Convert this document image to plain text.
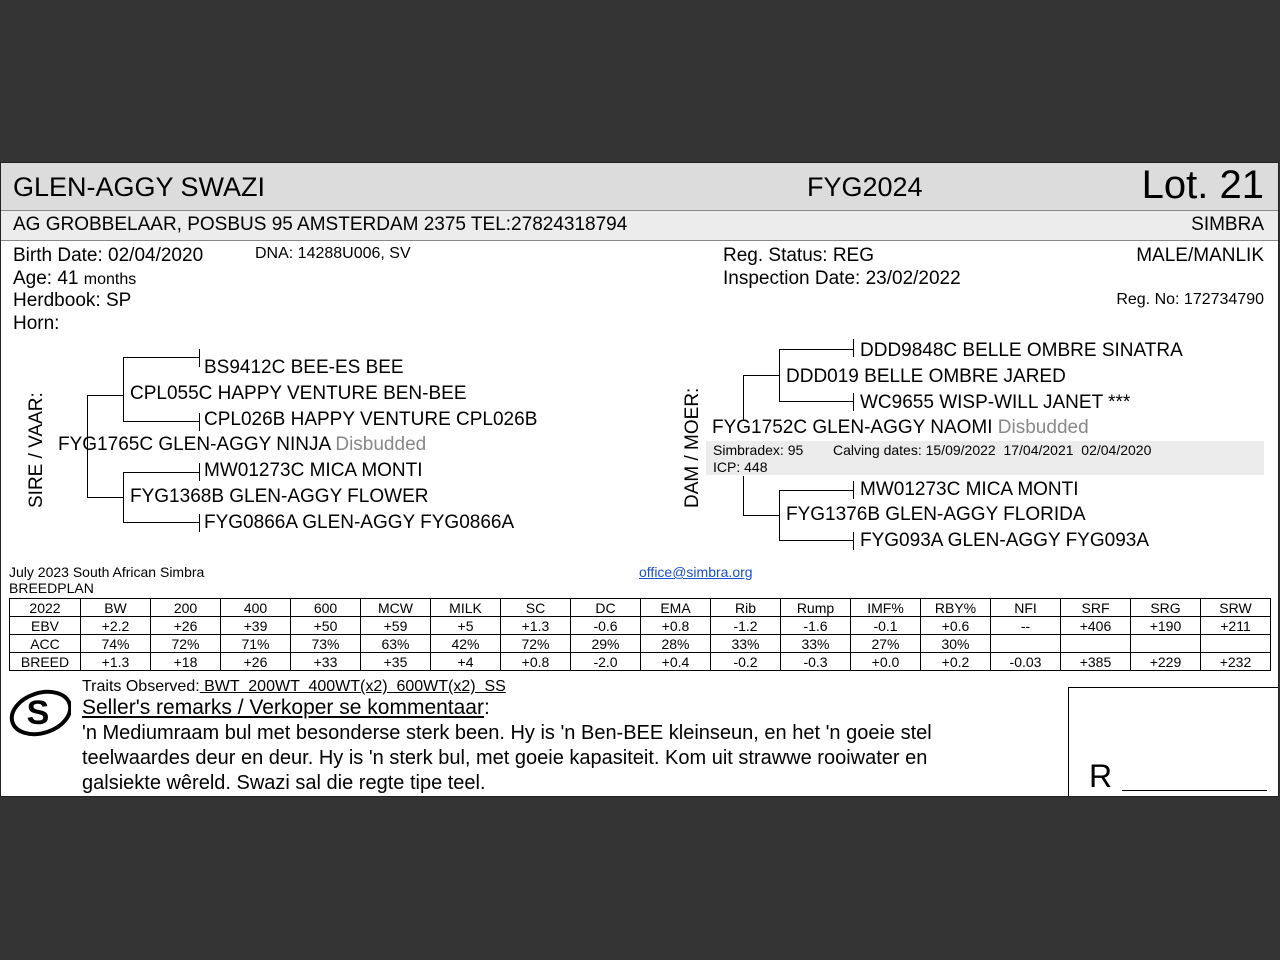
GLEN-AGGY SWAZI	FYG2024	Lot. 21
AG GROBBELAAR, POSBUS 95 AMSTERDAM 2375 TEL:27824318794	SIMBRA
Birth Date: 02/04/2020	DNA: 14288U006, SV
Age: 41 months
Herdbook: SP
Horn:
Reg. Status: REG
Inspection Date: 23/02/2022
MALE/MANLIK
Reg. No: 172734790
SIRE / VAAR:
BS9412C BEE-ES BEE
CPL055C HAPPY VENTURE BEN-BEE
CPL026B HAPPY VENTURE CPL026B
FYG1765C GLEN-AGGY NINJA Disbudded
MW01273C MICA MONTI
FYG1368B GLEN-AGGY FLOWER
FYG0866A GLEN-AGGY FYG0866A
DAM / MOER:
DDD9848C BELLE OMBRE SINATRA
DDD019 BELLE OMBRE JARED
WC9655 WISP-WILL JANET ***
FYG1752C GLEN-AGGY NAOMI Disbudded
Simbradex: 95 Calving dates: 15/09/2022  17/04/2021  02/04/2020
ICP: 448
MW01273C MICA MONTI
FYG1376B GLEN-AGGY FLORIDA
FYG093A GLEN-AGGY FYG093A
July 2023 South African Simbra
BREEDPLAN
office@simbra.org
2022	BW	200	400	600	MCW	MILK	SC	DC	EMA	Rib	Rump	IMF%	RBY%	NFI	SRF	SRG	SRW
EBV	+2.2	+26	+39	+50	+59	+5	+1.3	-0.6	+0.8	-1.2	-1.6	-0.1	+0.6	--	+406	+190	+211
ACC	74%	72%	71%	73%	63%	42%	72%	29%	28%	33%	33%	27%	30%				
BREED	+1.3	+18	+26	+33	+35	+4	+0.8	-2.0	+0.4	-0.2	-0.3	+0.0	+0.2	-0.03	+385	+229	+232
S
Traits Observed: BWT  200WT  400WT(x2)  600WT(x2)  SS
Seller's remarks / Verkoper se kommentaar:
'n Mediumraam bul met besonderse sterk been. Hy is 'n Ben-BEE kleinseun, en het 'n goeie stel
teelwaardes deur en deur. Hy is 'n sterk bul, met goeie kapasiteit. Kom uit strawwe rooiwater en
galsiekte wêreld. Swazi sal die regte tipe teel.	R
